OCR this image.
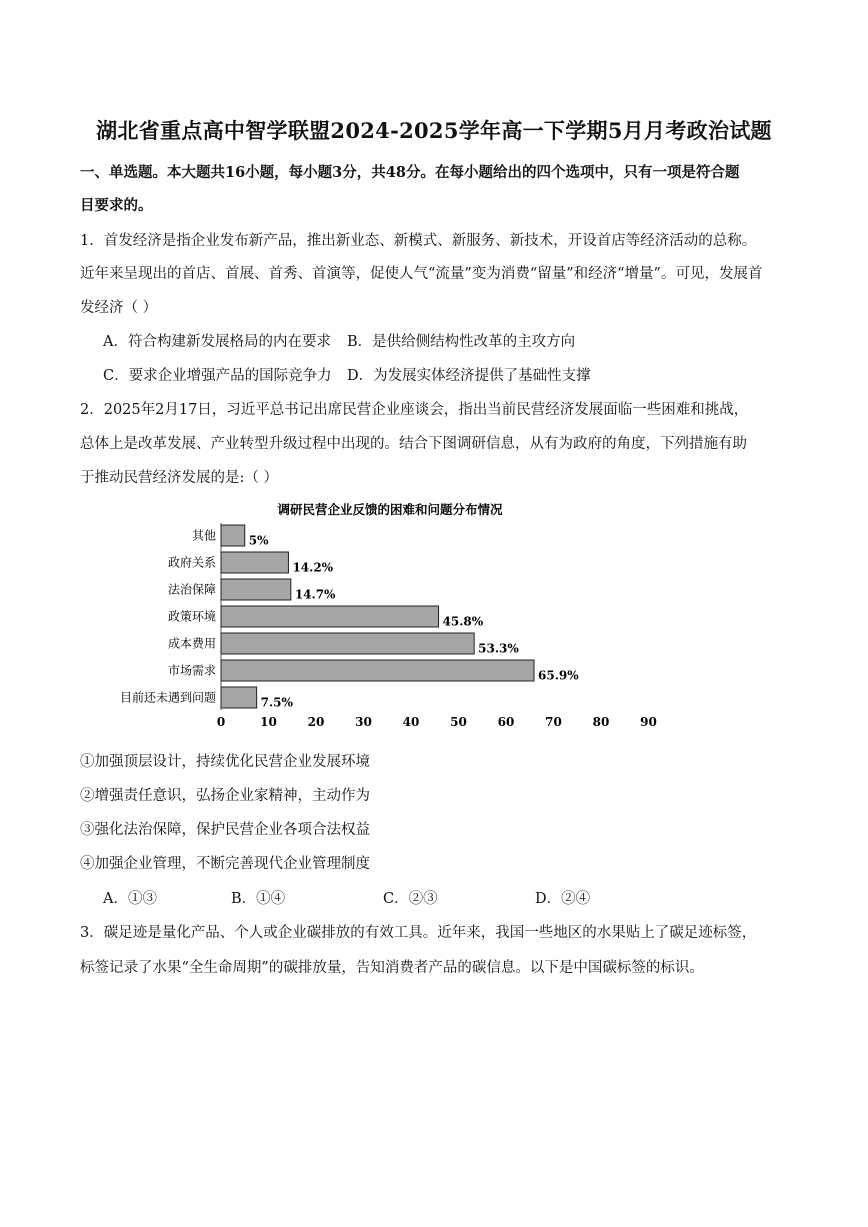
湖北省重点高中智学联盟2024-2025学年高一下学期5月月考政治试题
一、单选题。本大题共16小题，每小题3分，共48分。在每小题给出的四个选项中，只有一项是符合题
目要求的。
1．首发经济是指企业发布新产品，推出新业态、新模式、新服务、新技术，开设首店等经济活动的总称。
近年来呈现出的首店、首展、首秀、首演等，促使人气“流量”变为消费“留量”和经济“增量”。可见，发展首
发经济（ ）
A．符合构建新发展格局的内在要求 B．是供给侧结构性改革的主攻方向
C．要求企业增强产品的国际竞争力 D．为发展实体经济提供了基础性支撑
2．2025年2月17日，习近平总书记出席民营企业座谈会，指出当前民营经济发展面临一些困难和挑战，
总体上是改革发展、产业转型升级过程中出现的。结合下图调研信息，从有为政府的角度，下列措施有助
于推动民营经济发展的是:（ ）
调研民营企业反馈的困难和问题分布情况
其他	5%
政府关系	14.2%
法治保障	14.7%
政策环境	45.8%
成本费用	53.3%
市场需求	65.9%
目前还未遇到问题	7.5%
0	10	20	30	40	50	60	70	80	90
①加强顶层设计，持续优化民营企业发展环境
②增强责任意识，弘扬企业家精神，主动作为
③强化法治保障，保护民营企业各项合法权益
④加强企业管理，不断完善现代企业管理制度
A．①③	B．①④	C．②③	D．②④
3．碳足迹是量化产品、个人或企业碳排放的有效工具。近年来，我国一些地区的水果贴上了碳足迹标签，
标签记录了水果“全生命周期”的碳排放量，告知消费者产品的碳信息。以下是中国碳标签的标识。
